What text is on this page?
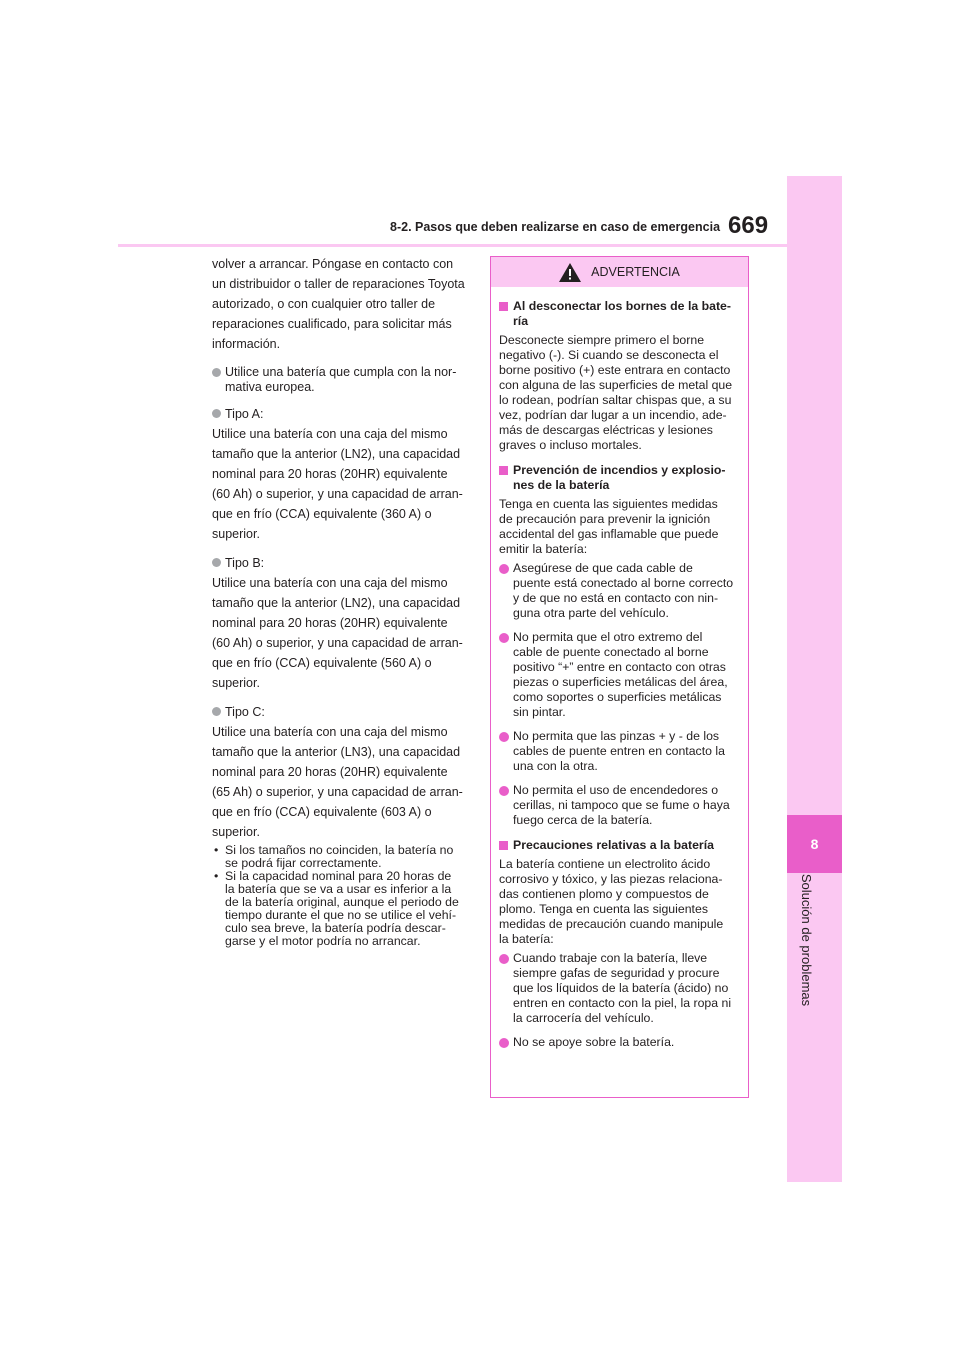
8
Solución de problemas
8-2. Pasos que deben realizarse en caso de emergencia 669

volver a arrancar. Póngase en contacto con
un distribuidor o taller de reparaciones Toyota
autorizado, o con cualquier otro taller de
reparaciones cualificado, para solicitar más
información.

Utilice una batería que cumpla con la nor-
mativa europea.
Tipo A:
Utilice una batería con una caja del mismo
tamaño que la anterior (LN2), una capacidad
nominal para 20 horas (20HR) equivalente
(60 Ah) o superior, y una capacidad de arran-
que en frío (CCA) equivalente (360 A) o
superior.
Tipo B:
Utilice una batería con una caja del mismo
tamaño que la anterior (LN2), una capacidad
nominal para 20 horas (20HR) equivalente
(60 Ah) o superior, y una capacidad de arran-
que en frío (CCA) equivalente (560 A) o
superior.
Tipo C:
Utilice una batería con una caja del mismo
tamaño que la anterior (LN3), una capacidad
nominal para 20 horas (20HR) equivalente
(65 Ah) o superior, y una capacidad de arran-
que en frío (CCA) equivalente (603 A) o
superior.
• Si los tamaños no coinciden, la batería no
se podrá fijar correctamente.
• Si la capacidad nominal para 20 horas de
la batería que se va a usar es inferior a la
de la batería original, aunque el periodo de
tiempo durante el que no se utilice el vehí-
culo sea breve, la batería podría descar-
garse y el motor podría no arrancar.
ADVERTENCIA
Al desconectar los bornes de la bate-
ría
Desconecte siempre primero el borne
negativo (-). Si cuando se desconecta el
borne positivo (+) este entrara en contacto
con alguna de las superficies de metal que
lo rodean, podrían saltar chispas que, a su
vez, podrían dar lugar a un incendio, ade-
más de descargas eléctricas y lesiones
graves o incluso mortales.
Prevención de incendios y explosio-
nes de la batería
Tenga en cuenta las siguientes medidas
de precaución para prevenir la ignición
accidental del gas inflamable que puede
emitir la batería:
Asegúrese de que cada cable de
puente está conectado al borne correcto
y de que no está en contacto con nin-
guna otra parte del vehículo.
No permita que el otro extremo del
cable de puente conectado al borne
positivo “+” entre en contacto con otras
piezas o superficies metálicas del área,
como soportes o superficies metálicas
sin pintar.
No permita que las pinzas + y - de los
cables de puente entren en contacto la
una con la otra.
No permita el uso de encendedores o
cerillas, ni tampoco que se fume o haya
fuego cerca de la batería.
Precauciones relativas a la batería
La batería contiene un electrolito ácido
corrosivo y tóxico, y las piezas relaciona-
das contienen plomo y compuestos de
plomo. Tenga en cuenta las siguientes
medidas de precaución cuando manipule
la batería:
Cuando trabaje con la batería, lleve
siempre gafas de seguridad y procure
que los líquidos de la batería (ácido) no
entren en contacto con la piel, la ropa ni
la carrocería del vehículo.
No se apoye sobre la batería.
